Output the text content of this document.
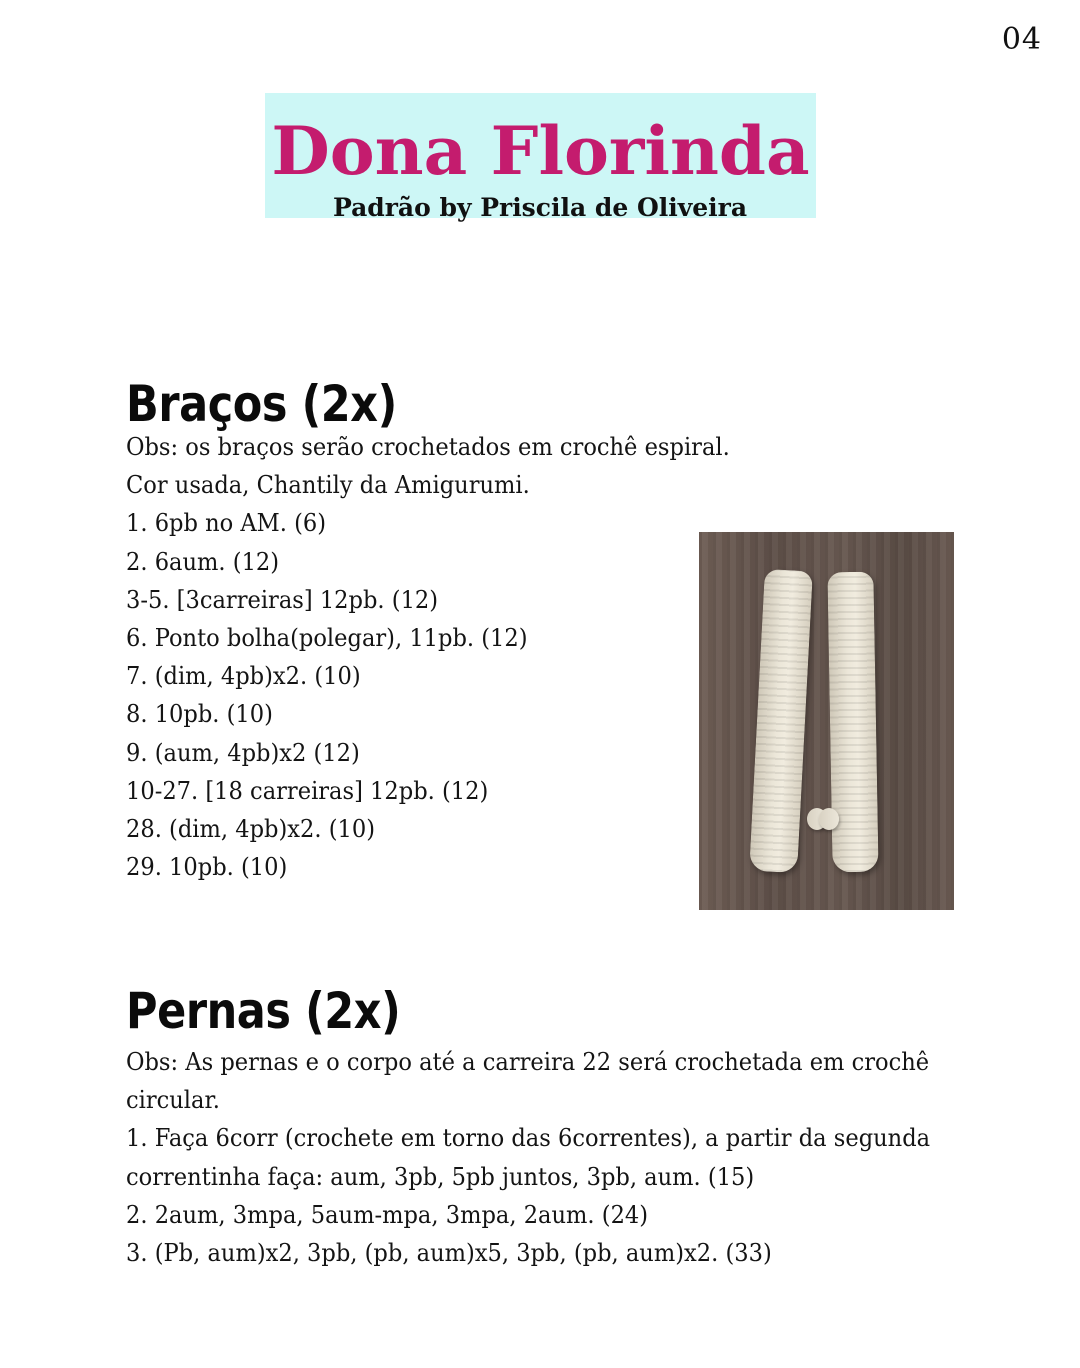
04
Dona Florinda
Padrão by Priscila de Oliveira
Braços (2x)
Obs: os braços serão crochetados em crochê espiral.
Cor usada, Chantily da Amigurumi.
1. 6pb no AM. (6)
2. 6aum. (12)
3-5. [3carreiras] 12pb. (12)
6. Ponto bolha(polegar), 11pb. (12)
7. (dim, 4pb)x2. (10)
8. 10pb. (10)
9. (aum, 4pb)x2 (12)
10-27. [18 carreiras] 12pb. (12)
28. (dim, 4pb)x2. (10)
29. 10pb. (10)
Pernas (2x)
Obs: As pernas e o corpo até a carreira 22 será crochetada em crochê circular.
1. Faça 6corr (crochete em torno das 6correntes), a partir da segunda correntinha faça: aum, 3pb, 5pb juntos, 3pb, aum. (15)
2. 2aum, 3mpa, 5aum-mpa, 3mpa, 2aum. (24)
3. (Pb, aum)x2, 3pb, (pb, aum)x5, 3pb, (pb, aum)x2. (33)
